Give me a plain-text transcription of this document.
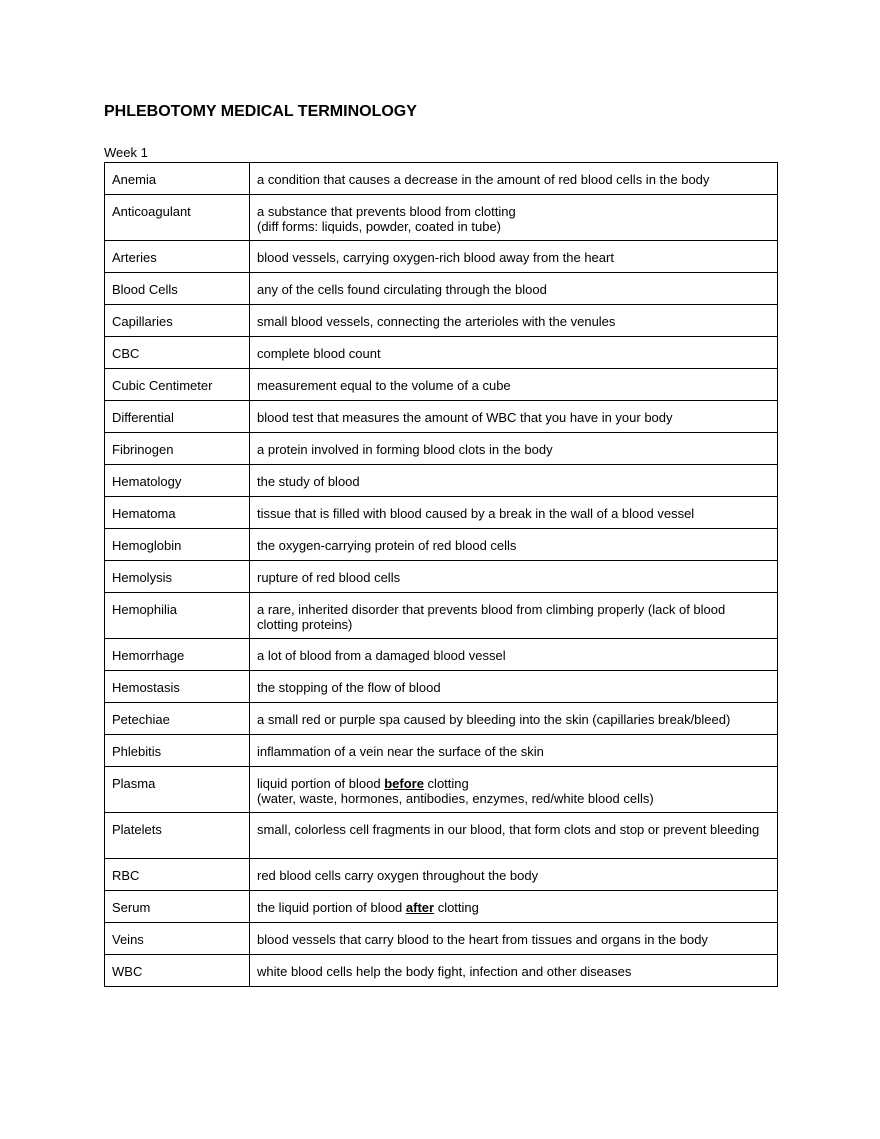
PHLEBOTOMY MEDICAL TERMINOLOGY
Week 1
Anemia	a condition that causes a decrease in the amount of red blood cells in the body

Anticoagulant	a substance that prevents blood from clotting
(diff forms: liquids, powder, coated in tube)

Arteries	blood vessels, carrying oxygen-rich blood away from the heart

Blood Cells	any of the cells found circulating through the blood

Capillaries	small blood vessels, connecting the arterioles with the venules

CBC	complete blood count

Cubic Centimeter	measurement equal to the volume of a cube

Differential	blood test that measures the amount of WBC that you have in your body

Fibrinogen	a protein involved in forming blood clots in the body

Hematology	the study of blood

Hematoma	tissue that is filled with blood caused by a break in the wall of a blood vessel

Hemoglobin	the oxygen-carrying protein of red blood cells

Hemolysis	rupture of red blood cells

Hemophilia	a rare, inherited disorder that prevents blood from climbing properly (lack of blood clotting proteins)

Hemorrhage	a lot of blood from a damaged blood vessel

Hemostasis	the stopping of the flow of blood

Petechiae	a small red or purple spa caused by bleeding into the skin (capillaries break/bleed)

Phlebitis	inflammation of a vein near the surface of the skin

Plasma	liquid portion of blood before clotting
(water, waste, hormones, antibodies, enzymes, red/white blood cells)

Platelets	small, colorless cell fragments in our blood, that form clots and stop or prevent bleeding

RBC	red blood cells carry oxygen throughout the body

Serum	the liquid portion of blood after clotting

Veins	blood vessels that carry blood to the heart from tissues and organs in the body

WBC	white blood cells help the body fight, infection and other diseases
